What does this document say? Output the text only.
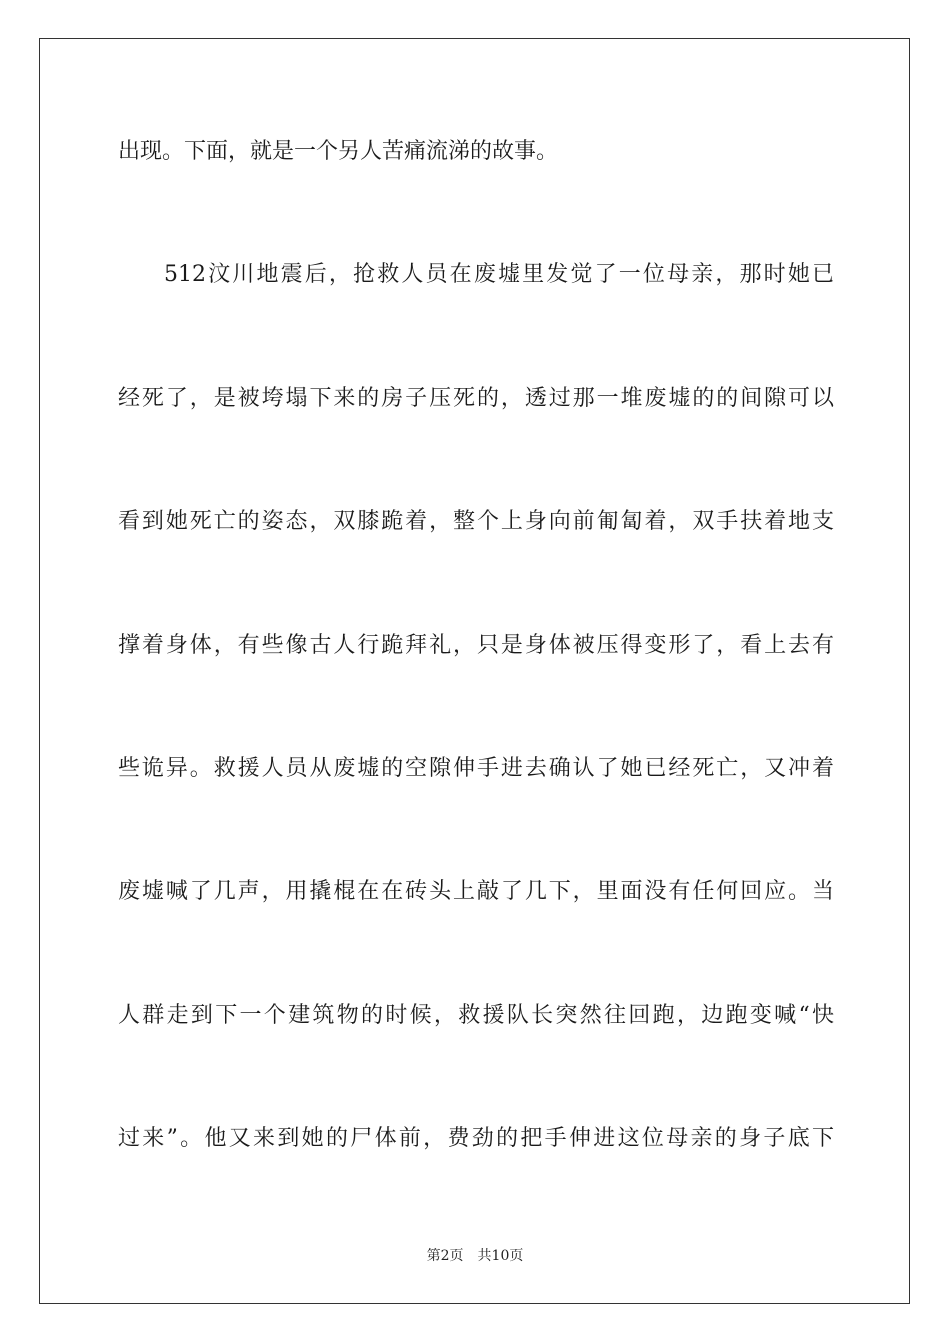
出现。下面，就是一个另人苦痛流涕的故事。
512汶川地震后，抢救人员在废墟里发觉了一位母亲，那时她已
经死了，是被垮塌下来的房子压死的，透过那一堆废墟的的间隙可以
看到她死亡的姿态，双膝跪着，整个上身向前匍匐着，双手扶着地支
撑着身体，有些像古人行跪拜礼，只是身体被压得变形了，看上去有
些诡异。救援人员从废墟的空隙伸手进去确认了她已经死亡，又冲着
废墟喊了几声，用撬棍在在砖头上敲了几下，里面没有任何回应。当
人群走到下一个建筑物的时候，救援队长突然往回跑，边跑变喊“快
过来”。他又来到她的尸体前，费劲的把手伸进这位母亲的身子底下
第2页 共10页
